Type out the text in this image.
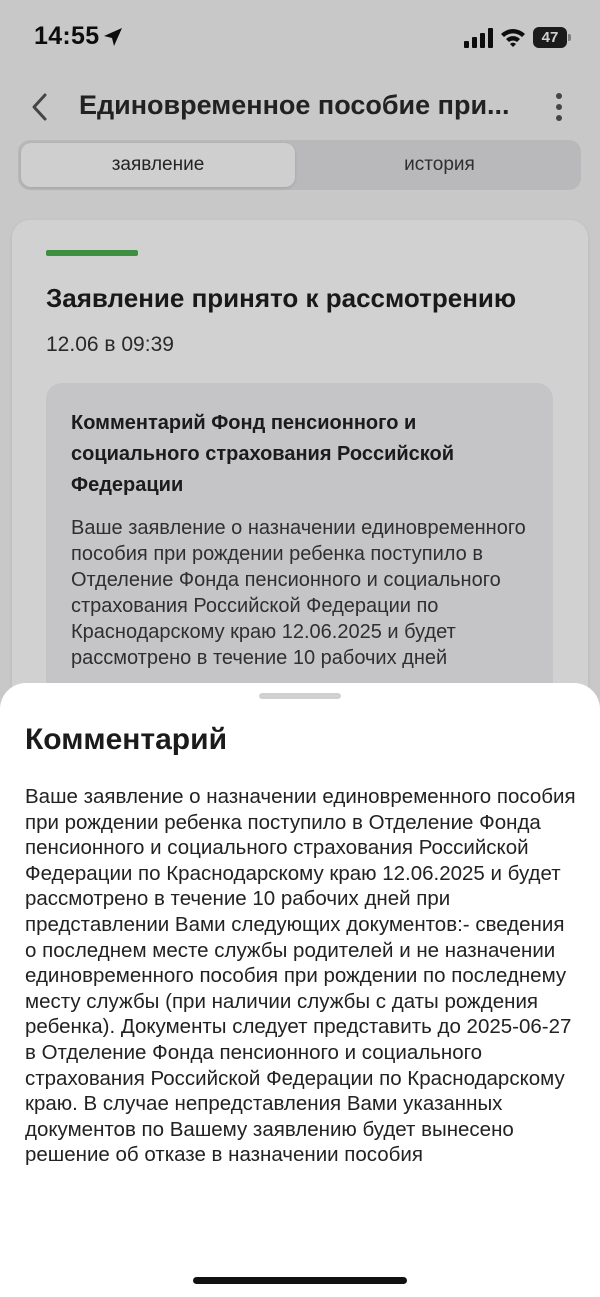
14:55	47
Единовременное пособие при...
заявление	история
Заявление принято к рассмотрению
12.06 в 09:39
Комментарий Фонд пенсионного и социального страхования Российской Федерации
Ваше заявление о назначении единовременного пособия при рождении ребенка поступило в Отделение Фонда пенсионного и социального страхования Российской Федерации по Краснодарскому краю 12.06.2025 и будет рассмотрено в течение 10 рабочих дней
Комментарий
Ваше заявление о назначении единовременного пособия при рождении ребенка поступило в Отделение Фонда пенсионного и социального страхования Российской Федерации по Краснодарскому краю 12.06.2025 и будет рассмотрено в течение 10 рабочих дней при представлении Вами следующих документов:- сведения о последнем месте службы родителей и не назначении единовременного пособия при рождении по последнему месту службы (при наличии службы с даты рождения ребенка). Документы следует представить до 2025-06-27 в Отделение Фонда пенсионного и социального страхования Российской Федерации по Краснодарскому краю. В случае непредставления Вами указанных документов по Вашему заявлению будет вынесено решение об отказе в назначении пособия
